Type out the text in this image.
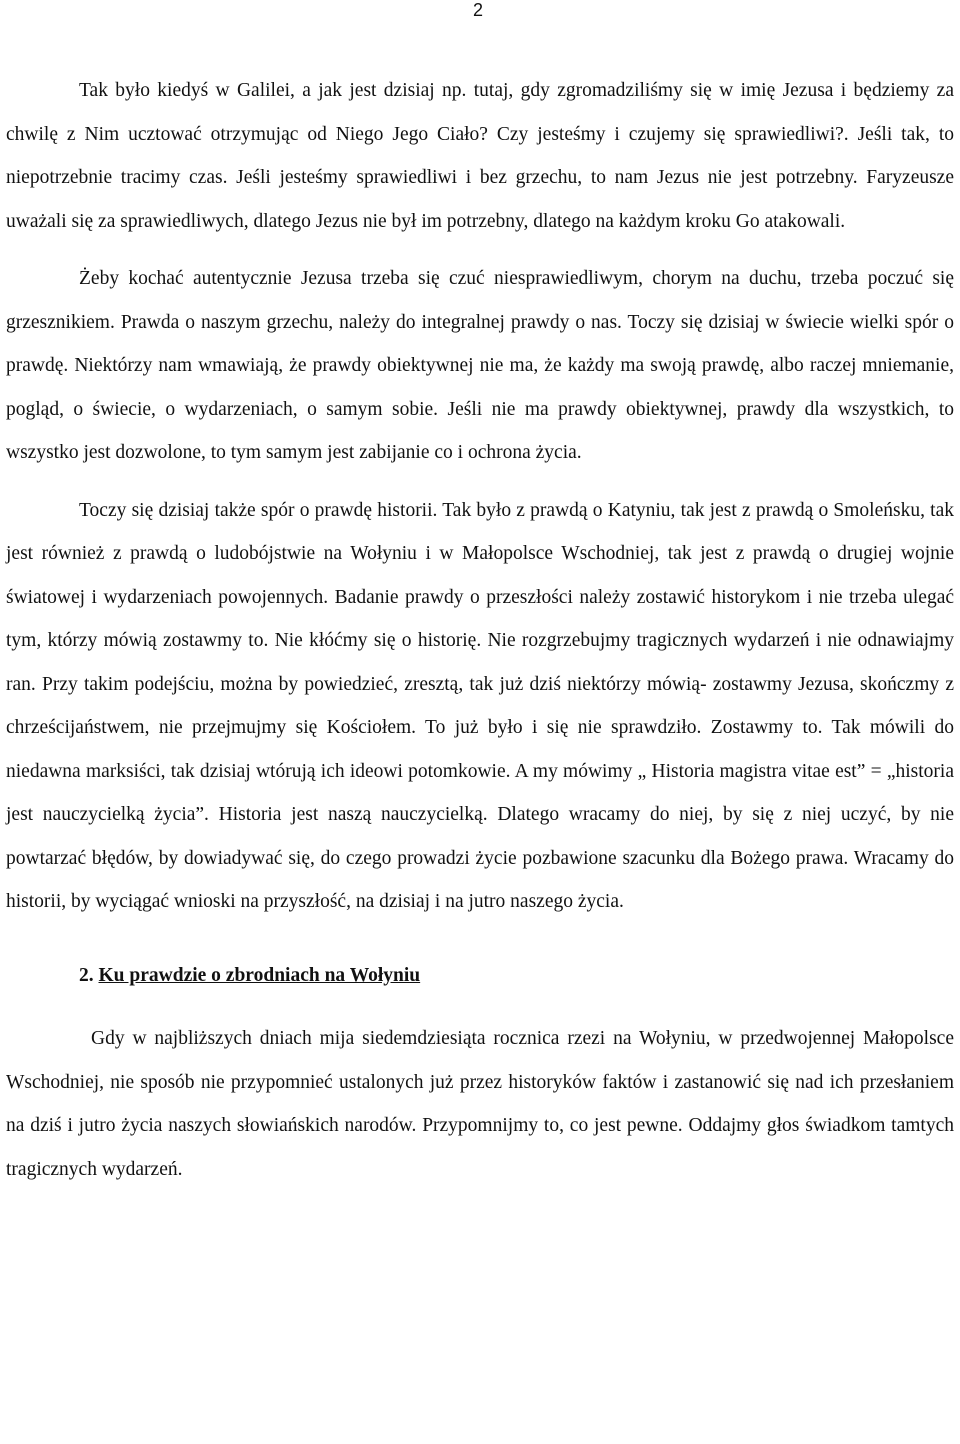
2

Tak było kiedyś w Galilei, a jak jest dzisiaj np. tutaj, gdy zgromadziliśmy się w imię Jezusa i będziemy za chwilę z Nim ucztować otrzymując od Niego Jego Ciało? Czy jesteśmy i czujemy się sprawiedliwi?. Jeśli tak, to niepotrzebnie tracimy czas. Jeśli jesteśmy sprawiedliwi i bez grzechu, to nam Jezus nie jest potrzebny. Faryzeusze uważali się za sprawiedliwych, dlatego Jezus nie był im potrzebny, dlatego na każdym kroku Go atakowali.

Żeby kochać autentycznie Jezusa trzeba się czuć niesprawiedliwym, chorym na duchu, trzeba poczuć się grzesznikiem. Prawda o naszym grzechu, należy do integralnej prawdy o nas. Toczy się dzisiaj w świecie wielki spór o prawdę. Niektórzy nam wmawiają, że prawdy obiektywnej nie ma, że każdy ma swoją prawdę, albo raczej mniemanie, pogląd, o świecie, o wydarzeniach, o samym sobie. Jeśli nie ma prawdy obiektywnej, prawdy dla wszystkich, to wszystko jest dozwolone, to tym samym jest zabijanie co i ochrona życia.

Toczy się dzisiaj także spór o prawdę historii. Tak było z prawdą o Katyniu, tak jest z prawdą o Smoleńsku, tak jest również z prawdą o ludobójstwie na Wołyniu i w Małopolsce Wschodniej, tak jest z prawdą o drugiej wojnie światowej i wydarzeniach powojennych. Badanie prawdy o przeszłości należy zostawić historykom i nie trzeba ulegać tym, którzy mówią zostawmy to. Nie kłóćmy się o historię. Nie rozgrzebujmy tragicznych wydarzeń i nie odnawiajmy ran. Przy takim podejściu, można by powiedzieć, zresztą, tak już dziś niektórzy mówią- zostawmy Jezusa, skończmy z chrześcijaństwem, nie przejmujmy się Kościołem. To już było i się nie sprawdziło. Zostawmy to. Tak mówili do niedawna marksiści, tak dzisiaj wtórują ich ideowi potomkowie. A my mówimy „ Historia magistra vitae est” = „historia jest nauczycielką życia”. Historia jest naszą nauczycielką. Dlatego wracamy do niej, by się z niej uczyć, by nie powtarzać błędów, by dowiadywać się, do czego prowadzi życie pozbawione szacunku dla Bożego prawa. Wracamy do historii, by wyciągać wnioski na przyszłość, na dzisiaj i na jutro naszego życia.

2. Ku prawdzie o zbrodniach na Wołyniu

Gdy w najbliższych dniach mija siedemdziesiąta rocznica rzezi na Wołyniu, w przedwojennej Małopolsce Wschodniej, nie sposób nie przypomnieć ustalonych już przez historyków faktów i zastanowić się nad ich przesłaniem na dziś i jutro życia naszych słowiańskich narodów. Przypomnijmy to, co jest pewne. Oddajmy głos świadkom tamtych tragicznych wydarzeń.
